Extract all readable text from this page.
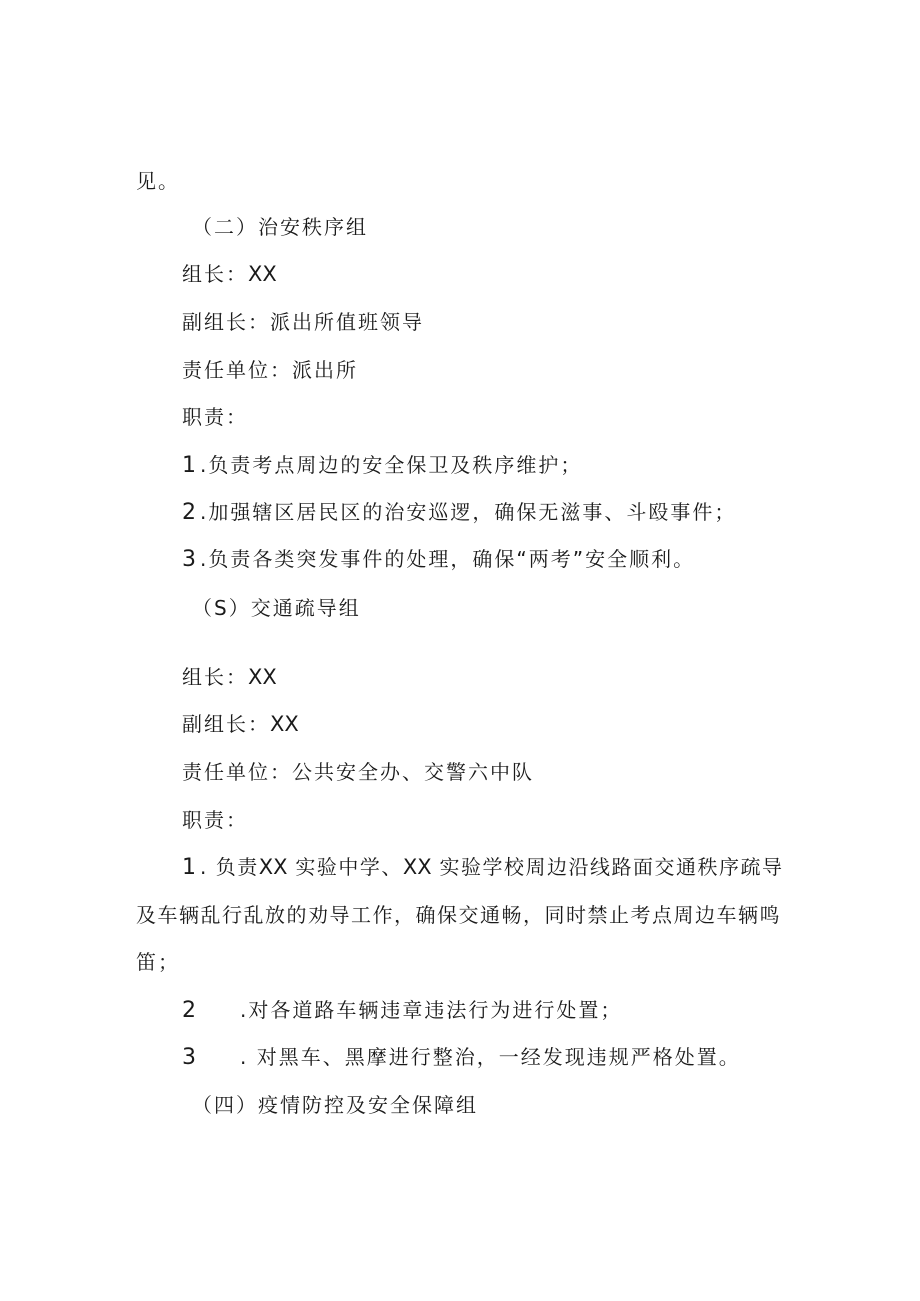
见。
（二）治安秩序组
组长：XX
副组长：派出所值班领导
责任单位：派出所
职责：
1 .负责考点周边的安全保卫及秩序维护；
2 .加强辖区居民区的治安巡逻，确保无滋事、斗殴事件；
3 .负责各类突发事件的处理，确保“两考”安全顺利。
（S）交通疏导组
组长：XX
副组长：XX
责任单位：公共安全办、交警六中队
职责：
1 . 负责XX 实验中学、XX 实验学校周边沿线路面交通秩序疏导
及车辆乱行乱放的劝导工作，确保交通畅，同时禁止考点周边车辆鸣
笛；
2 .对各道路车辆违章违法行为进行处置；
3 . 对黑车、黑摩进行整治，一经发现违规严格处置。
（四）疫情防控及安全保障组
